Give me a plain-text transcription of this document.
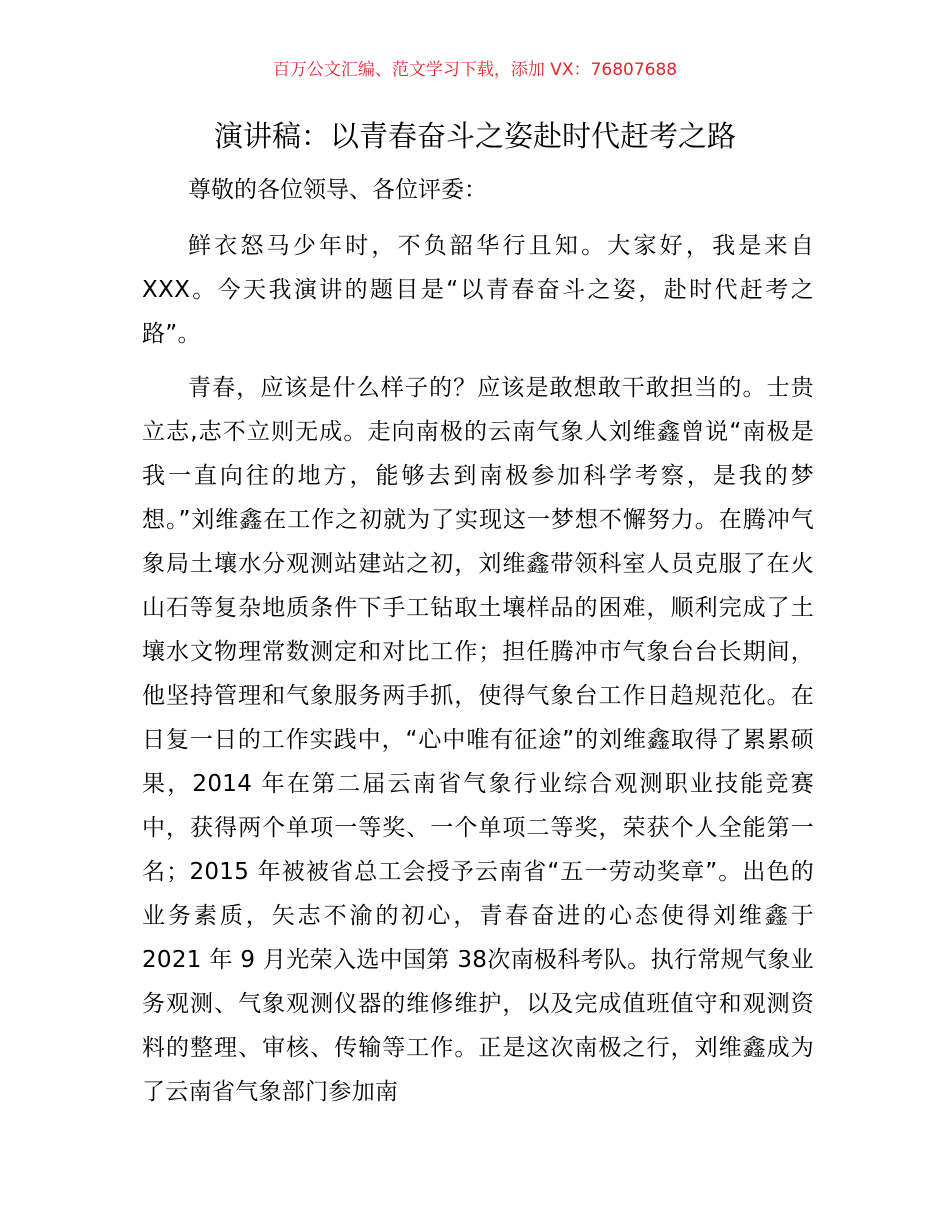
百万公文汇编、范文学习下载，添加 VX：76807688
演讲稿：以青春奋斗之姿赴时代赶考之路
尊敬的各位领导、各位评委：

鲜衣怒马少年时，不负韶华行且知。大家好，我是来自XXX。今天我演讲的题目是“以青春奋斗之姿，赴时代赶考之路”。

青春，应该是什么样子的？应该是敢想敢干敢担当的。士贵立志,志不立则无成。走向南极的云南气象人刘维鑫曾说“南极是我一直向往的地方，能够去到南极参加科学考察，是我的梦想。”刘维鑫在工作之初就为了实现这一梦想不懈努力。在腾冲气象局土壤水分观测站建站之初，刘维鑫带领科室人员克服了在火山石等复杂地质条件下手工钻取土壤样品的困难，顺利完成了土壤水文物理常数测定和对比工作；担任腾冲市气象台台长期间，他坚持管理和气象服务两手抓，使得气象台工作日趋规范化。在日复一日的工作实践中，“心中唯有征途”的刘维鑫取得了累累硕果，2014 年在第二届云南省气象行业综合观测职业技能竞赛中，获得两个单项一等奖、一个单项二等奖，荣获个人全能第一名；2015 年被被省总工会授予云南省“五一劳动奖章”。出色的业务素质，矢志不渝的初心，青春奋进的心态使得刘维鑫于 2021 年 9 月光荣入选中国第 38次南极科考队。执行常规气象业务观测、气象观测仪器的维修维护，以及完成值班值守和观测资料的整理、审核、传输等工作。正是这次南极之行，刘维鑫成为了云南省气象部门参加南
